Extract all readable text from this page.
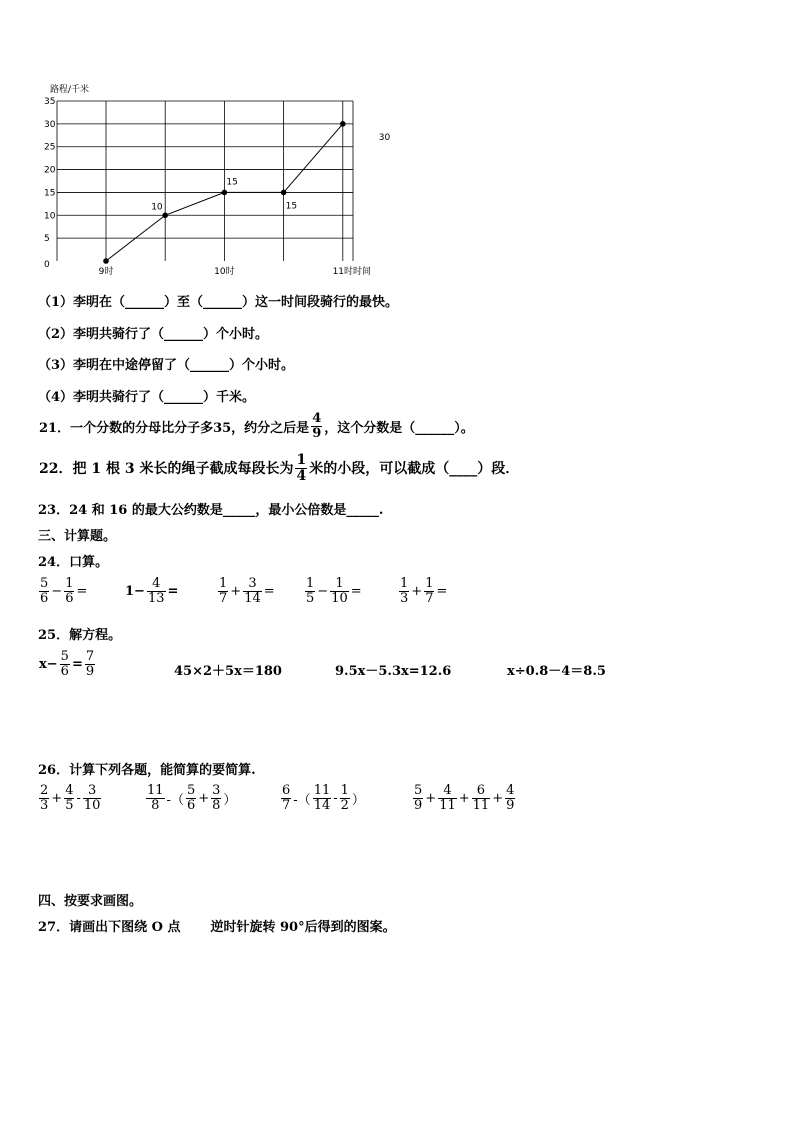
路程/千米
0
5
10
15
20
25
30
35
9时	10时	11时 时间
10
15
15
30
（1）李明在（______）至（______）这一时间段骑行的最快。
（2）李明共骑行了（______）个小时。
（3）李明在中途停留了（______）个小时。
（4）李明共骑行了（______）千米。
21．一个分数的分母比分子多35，约分之后是 $\frac{4}{9}$ ，这个分数是（______）。
22．把 1 根 3 米长的绳子截成每段长为 $\frac{1}{4}$ 米的小段，可以截成（____）段．
23．24 和 16 的最大公约数是_____，最小公倍数是_____.
三、计算题。
24．口算。
$\frac{5}{6} - \frac{1}{6}$ =	$1- \frac{4}{13}$ =	$\frac{1}{7} + \frac{3}{14} = \frac{1}{5} - \frac{1}{10}$ =	$\frac{1}{3} + \frac{1}{7}$ =
25．解方程。
$x- \frac{5}{6} = \frac{7}{9}$	45×2＋5x＝180	9.5x－5.3x=12.6	x÷0.8－4＝8.5
26．计算下列各题，能简算的要简算.
$\frac{2}{3} + \frac{4}{5} - \frac{3}{10}$	$\frac{11}{8}$ -（ $\frac{5}{6} + \frac{3}{8}$ ）	$\frac{6}{7}$ -（ $\frac{11}{14} - \frac{1}{2}$ ）	$\frac{5}{9} + \frac{4}{11} + \frac{6}{11} + \frac{4}{9}$
四、按要求画图。
27．请画出下图绕 O 点 逆时针旋转 90°后得到的图案。
